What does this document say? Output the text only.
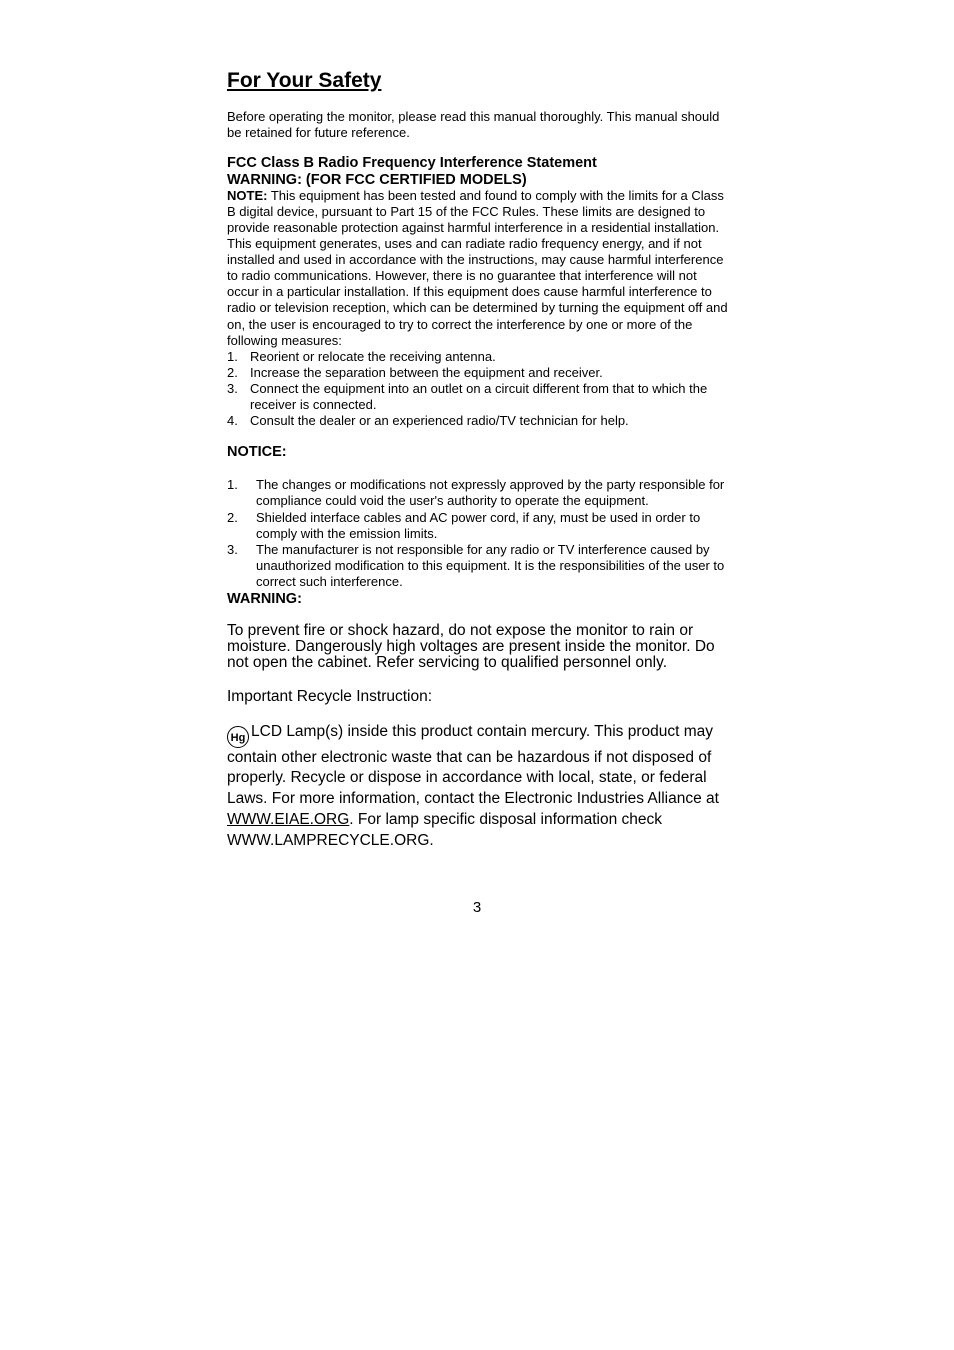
For Your Safety
Before operating the monitor, please read this manual thoroughly. This manual should be retained for future reference.
FCC Class B Radio Frequency Interference Statement
WARNING: (FOR FCC CERTIFIED MODELS)
NOTE: This equipment has been tested and found to comply with the limits for a Class B digital device, pursuant to Part 15 of the FCC Rules. These limits are designed to provide reasonable protection against harmful interference in a residential installation. This equipment generates, uses and can radiate radio frequency energy, and if not installed and used in accordance with the instructions, may cause harmful interference to radio communications. However, there is no guarantee that interference will not occur in a particular installation. If this equipment does cause harmful interference to radio or television reception, which can be determined by turning the equipment off and on, the user is encouraged to try to correct the interference by one or more of the following measures:
1. Reorient or relocate the receiving antenna.
2. Increase the separation between the equipment and receiver.
3. Connect the equipment into an outlet on a circuit different from that to which the receiver is connected.
4. Consult the dealer or an experienced radio/TV technician for help.
NOTICE:
1. The changes or modifications not expressly approved by the party responsible for compliance could void the user's authority to operate the equipment.
2. Shielded interface cables and AC power cord, if any, must be used in order to comply with the emission limits.
3. The manufacturer is not responsible for any radio or TV interference caused by unauthorized modification to this equipment. It is the responsibilities of the user to correct such interference.
WARNING:
To prevent fire or shock hazard, do not expose the monitor to rain or moisture. Dangerously high voltages are present inside the monitor. Do not open the cabinet. Refer servicing to qualified personnel only.
Important Recycle Instruction:
Hg LCD Lamp(s) inside this product contain mercury. This product may contain other electronic waste that can be hazardous if not disposed of properly. Recycle or dispose in accordance with local, state, or federal Laws. For more information, contact the Electronic Industries Alliance at WWW.EIAE.ORG. For lamp specific disposal information check WWW.LAMPRECYCLE.ORG.
3
